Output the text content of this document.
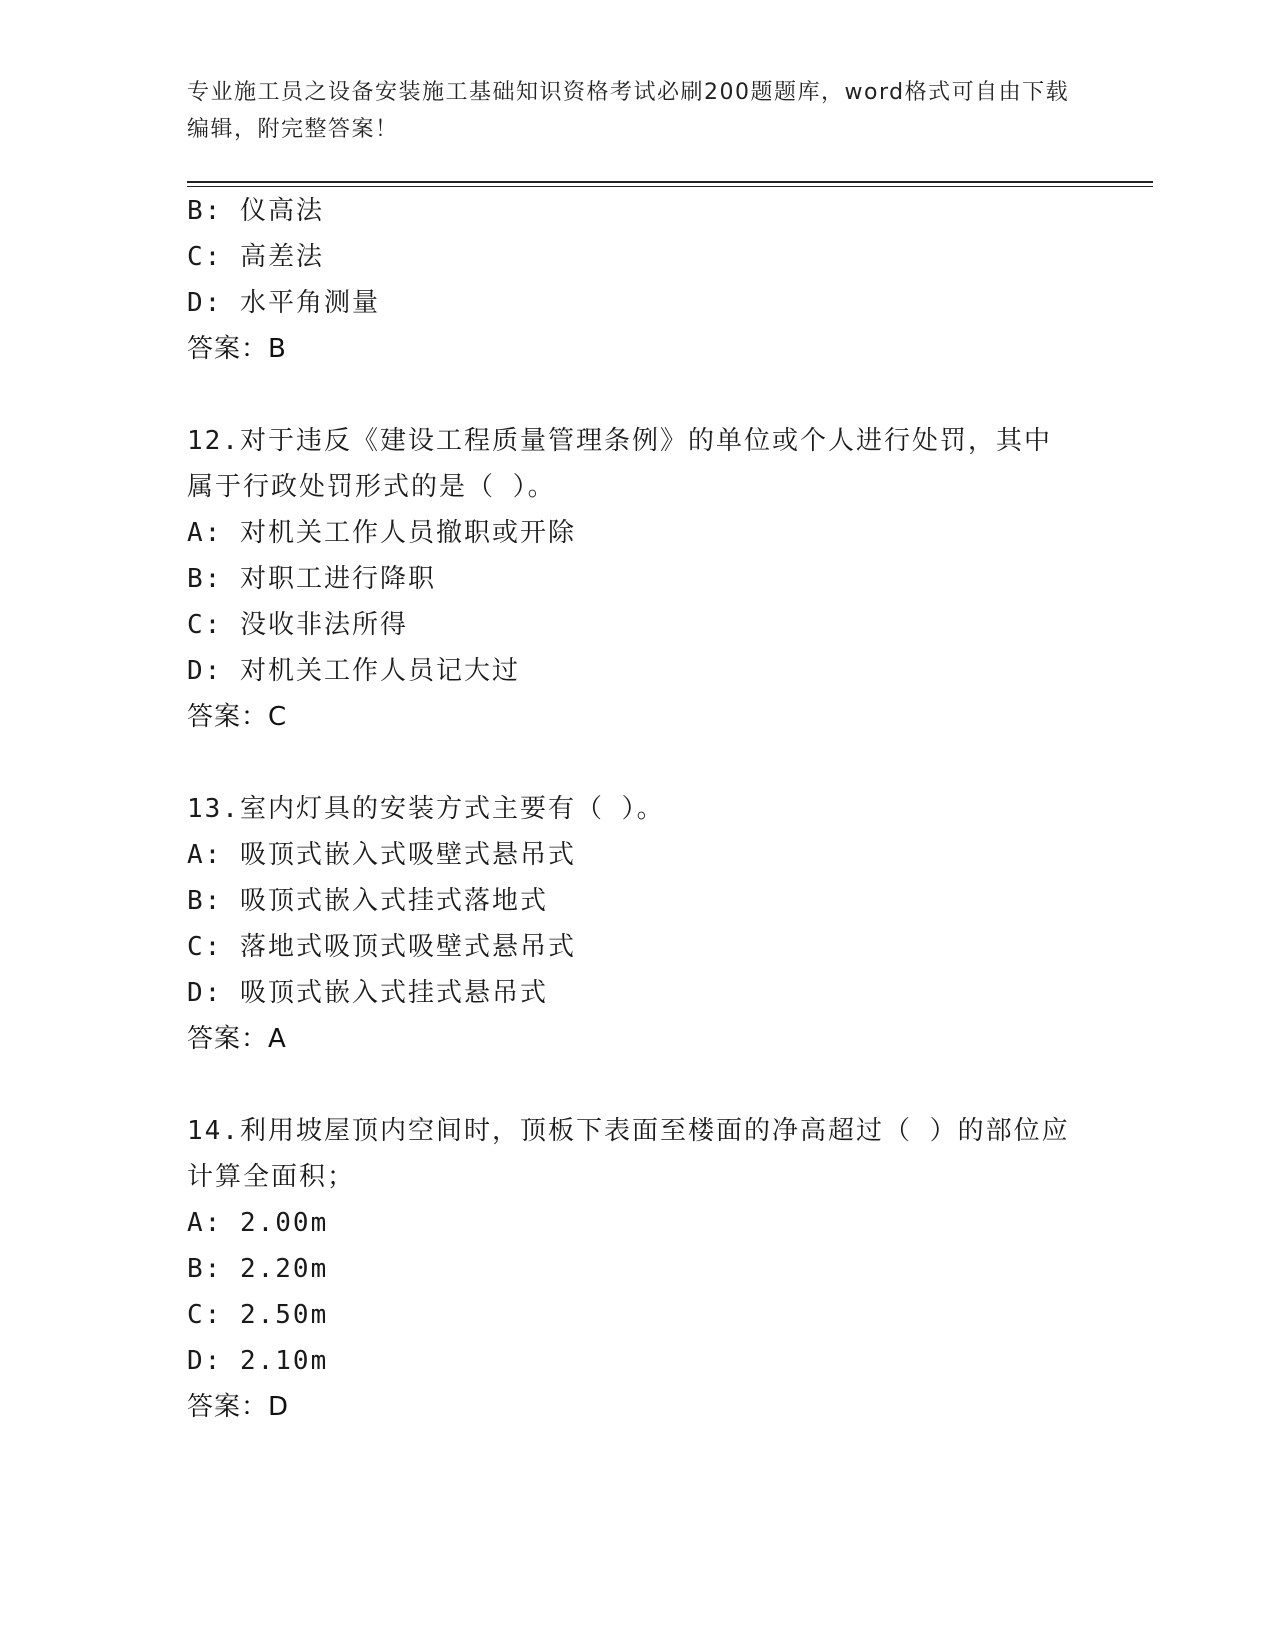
专业施工员之设备安装施工基础知识资格考试必刷200题题库，word格式可自由下载编辑，附完整答案！
B: 仪高法
C: 高差法
D: 水平角测量
答案：B
12.对于违反《建设工程质量管理条例》的单位或个人进行处罚，其中属于行政处罚形式的是（ ）。
A: 对机关工作人员撤职或开除
B: 对职工进行降职
C: 没收非法所得
D: 对机关工作人员记大过
答案：C
13.室内灯具的安装方式主要有（ ）。
A: 吸顶式嵌入式吸壁式悬吊式
B: 吸顶式嵌入式挂式落地式
C: 落地式吸顶式吸壁式悬吊式
D: 吸顶式嵌入式挂式悬吊式
答案：A
14.利用坡屋顶内空间时，顶板下表面至楼面的净高超过（ ）的部位应计算全面积；
A: 2.00m
B: 2.20m
C: 2.50m
D: 2.10m
答案：D
